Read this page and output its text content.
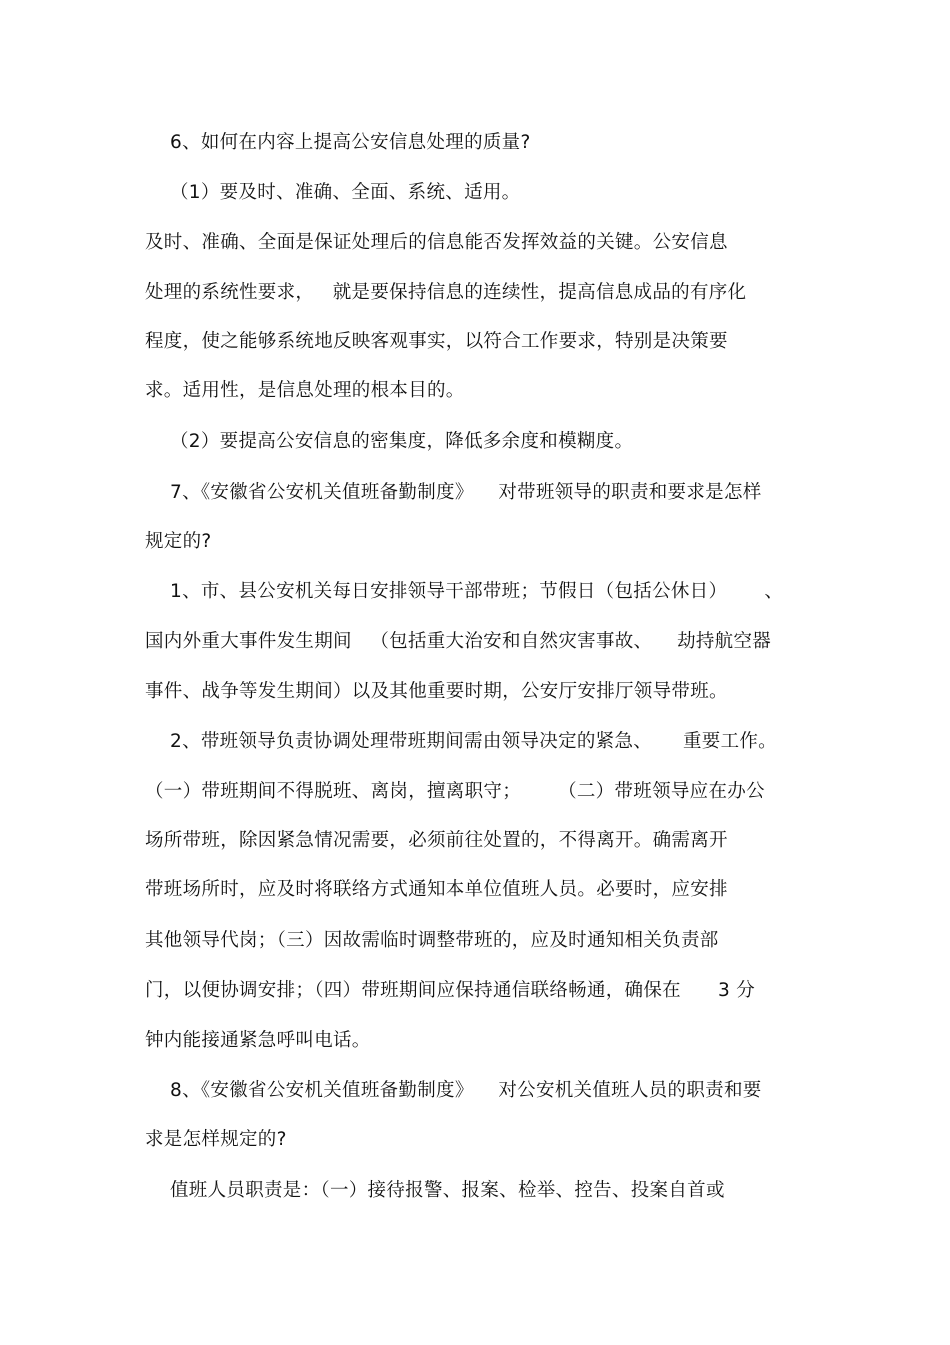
6、如何在内容上提高公安信息处理的质量?
（1）要及时、准确、全面、系统、适用。
及时、准确、全面是保证处理后的信息能否发挥效益的关键。公安信息
处理的系统性要求，   就是要保持信息的连续性，提高信息成品的有序化
程度，使之能够系统地反映客观事实，以符合工作要求，特别是决策要
求。适用性，是信息处理的根本目的。
（2）要提高公安信息的密集度，降低多余度和模糊度。
7、《安徽省公安机关值班备勤制度》    对带班领导的职责和要求是怎样
规定的?
1、市、县公安机关每日安排领导干部带班；节假日（包括公休日）      、
国内外重大事件发生期间   （包括重大治安和自然灾害事故、    劫持航空器
事件、战争等发生期间）以及其他重要时期，公安厅安排厅领导带班。
2、带班领导负责协调处理带班期间需由领导决定的紧急、     重要工作。
（一）带班期间不得脱班、离岗，擅离职守；      （二）带班领导应在办公
场所带班，除因紧急情况需要，必须前往处置的，不得离开。确需离开
带班场所时，应及时将联络方式通知本单位值班人员。必要时，应安排
其他领导代岗；（三）因故需临时调整带班的，应及时通知相关负责部
门，以便协调安排；（四）带班期间应保持通信联络畅通，确保在      3 分
钟内能接通紧急呼叫电话。
8、《安徽省公安机关值班备勤制度》    对公安机关值班人员的职责和要
求是怎样规定的?
值班人员职责是：（一）接待报警、报案、检举、控告、投案自首或
